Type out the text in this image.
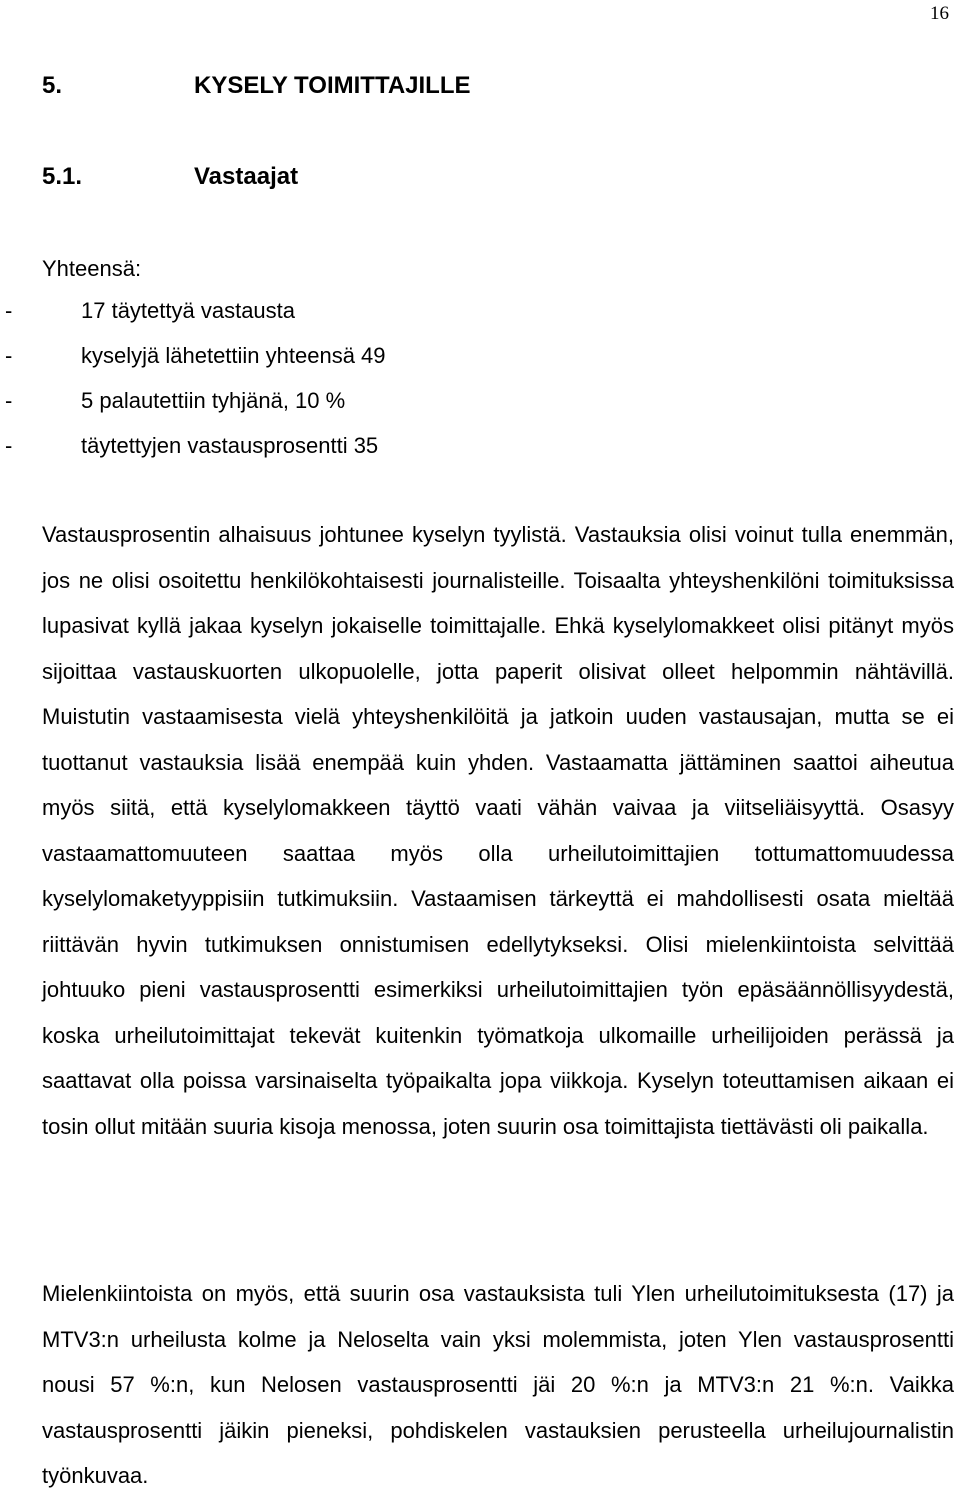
16
5.	KYSELY TOIMITTAJILLE
5.1.	Vastaajat
Yhteensä:
-	17 täytettyä vastausta
-	kyselyjä lähetettiin yhteensä 49
-	5 palautettiin tyhjänä, 10 %
-	täytettyjen vastausprosentti 35

Vastausprosentin alhaisuus johtunee kyselyn tyylistä. Vastauksia olisi voinut tulla enemmän, jos ne olisi osoitettu henkilökohtaisesti journalisteille. Toisaalta yhteyshenkilöni toimituksissa lupasivat kyllä jakaa kyselyn jokaiselle toimittajalle. Ehkä kyselylomakkeet olisi pitänyt myös sijoittaa vastauskuorten ulkopuolelle, jotta paperit olisivat olleet helpommin nähtävillä. Muistutin vastaamisesta vielä yhteyshenkilöitä ja jatkoin uuden vastausajan, mutta se ei tuottanut vastauksia lisää enempää kuin yhden. Vastaamatta jättäminen saattoi aiheutua myös siitä, että kyselylomakkeen täyttö vaati vähän vaivaa ja viitseliäisyyttä. Osasyy vastaamattomuuteen saattaa myös olla urheilutoimittajien tottumattomuudessa kyselylomaketyyppisiin tutkimuksiin. Vastaamisen tärkeyttä ei mahdollisesti osata mieltää riittävän hyvin tutkimuksen onnistumisen edellytykseksi. Olisi mielenkiintoista selvittää johtuuko pieni vastausprosentti esimerkiksi urheilutoimittajien työn epäsäännöllisyydestä, koska urheilutoimittajat tekevät kuitenkin työmatkoja ulkomaille urheilijoiden perässä ja saattavat olla poissa varsinaiselta työpaikalta jopa viikkoja. Kyselyn toteuttamisen aikaan ei tosin ollut mitään suuria kisoja menossa, joten suurin osa toimittajista tiettävästi oli paikalla.

Mielenkiintoista on myös, että suurin osa vastauksista tuli Ylen urheilutoimituksesta (17) ja MTV3:n urheilusta kolme ja Neloselta vain yksi molemmista, joten Ylen vastausprosentti nousi 57 %:n, kun Nelosen vastausprosentti jäi 20 %:n ja MTV3:n 21 %:n. Vaikka vastausprosentti jäikin pieneksi, pohdiskelen vastauksien perusteella urheilujournalistin työnkuvaa.
